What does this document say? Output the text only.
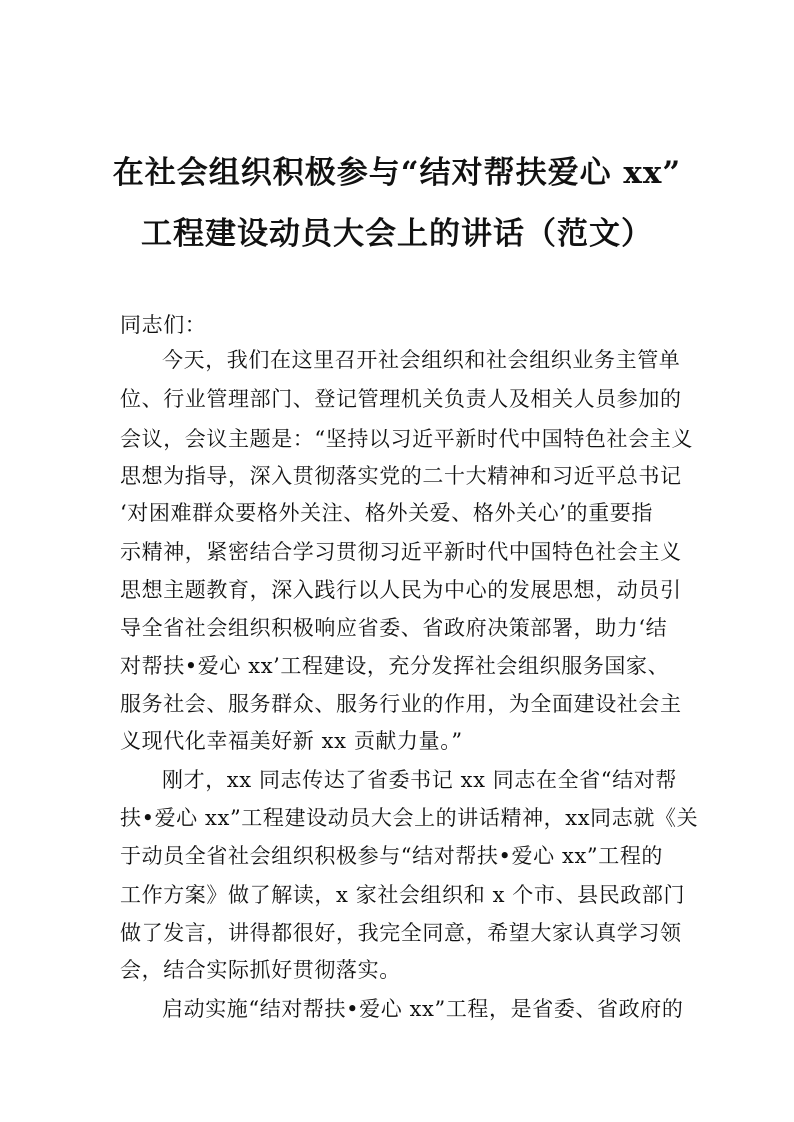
在社会组织积极参与“结对帮扶爱心 xx”
工程建设动员大会上的讲话（范文）
同志们：
今天，我们在这里召开社会组织和社会组织业务主管单
位、行业管理部门、登记管理机关负责人及相关人员参加的
会议，会议主题是：“坚持以习近平新时代中国特色社会主义
思想为指导，深入贯彻落实党的二十大精神和习近平总书记
‘对困难群众要格外关注、格外关爱、格外关心’的重要指
示精神，紧密结合学习贯彻习近平新时代中国特色社会主义
思想主题教育，深入践行以人民为中心的发展思想，动员引
导全省社会组织积极响应省委、省政府决策部署，助力‘结
对帮扶•爱心 xx’工程建设，充分发挥社会组织服务国家、
服务社会、服务群众、服务行业的作用，为全面建设社会主
义现代化幸福美好新 xx 贡献力量。”
刚才，xx 同志传达了省委书记 xx 同志在全省“结对帮
扶•爱心 xx”工程建设动员大会上的讲话精神，xx同志就《关
于动员全省社会组织积极参与“结对帮扶•爱心 xx”工程的
工作方案》做了解读，x 家社会组织和 x 个市、县民政部门
做了发言，讲得都很好，我完全同意，希望大家认真学习领
会，结合实际抓好贯彻落实。
启动实施“结对帮扶•爱心 xx”工程，是省委、省政府的
